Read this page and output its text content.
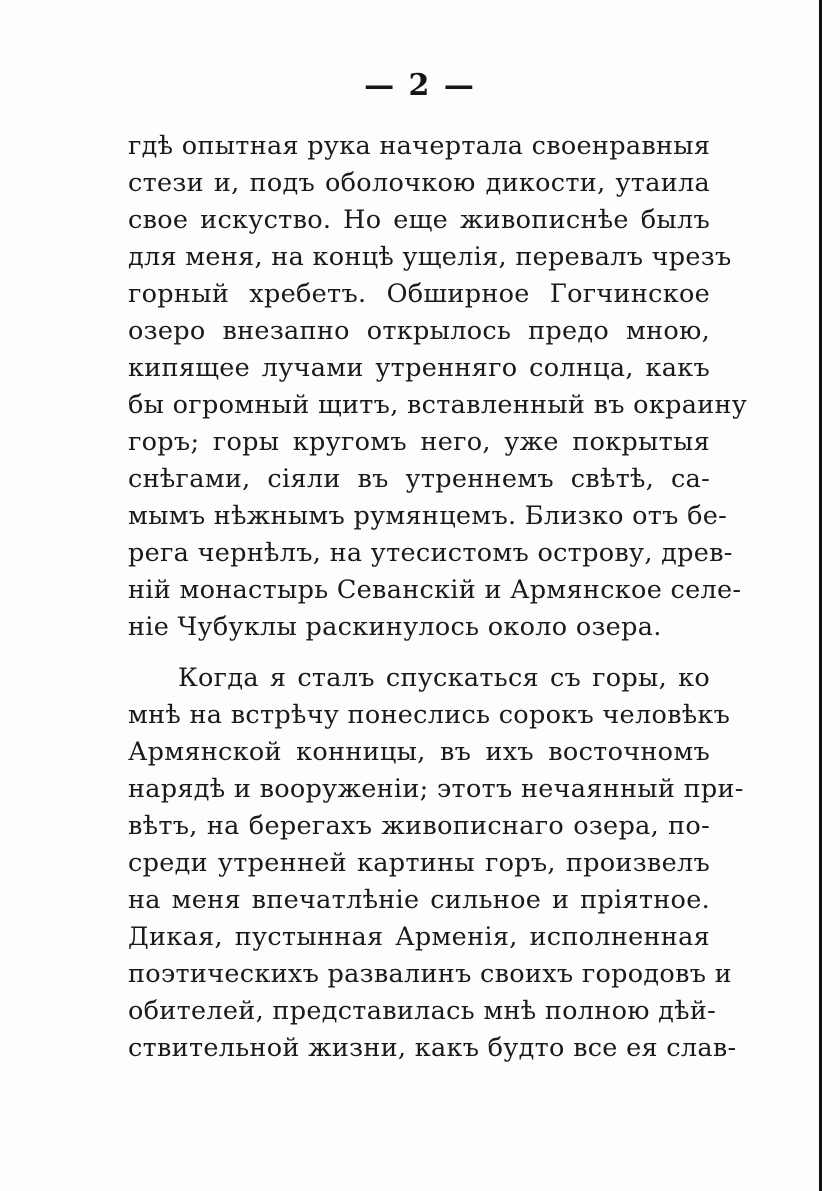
— 2 —
гдѣ опытная рука начертала своенравныя
стези и, подъ оболочкою дикости, утаила
свое искуство. Но еще живописнѣе былъ
для меня, на концѣ ущелія, перевалъ чрезъ
горный хребетъ. Обширное Гогчинское
озеро внезапно открылось предо мною,
кипящее лучами утренняго солнца, какъ
бы огромный щитъ, вставленный въ окраину
горъ; горы кругомъ него, уже покрытыя
снѣгами, сіяли въ утреннемъ свѣтѣ, са-
мымъ нѣжнымъ румянцемъ. Близко отъ бе-
рега чернѣлъ, на утесистомъ острову, древ-
ній монастырь Севанскій и Армянское селе-
ніе Чубуклы раскинулось около озера.
Когда я сталъ спускаться съ горы, ко
мнѣ на встрѣчу понеслись сорокъ человѣкъ
Армянской конницы, въ ихъ восточномъ
нарядѣ и вооруженіи; этотъ нечаянный при-
вѣтъ, на берегахъ живописнаго озера, по-
среди утренней картины горъ, произвелъ
на меня впечатлѣніе сильное и пріятное.
Дикая, пустынная Арменія, исполненная
поэтическихъ развалинъ своихъ городовъ и
обителей, представилась мнѣ полною дѣй-
ствительной жизни, какъ будто все ея слав-
